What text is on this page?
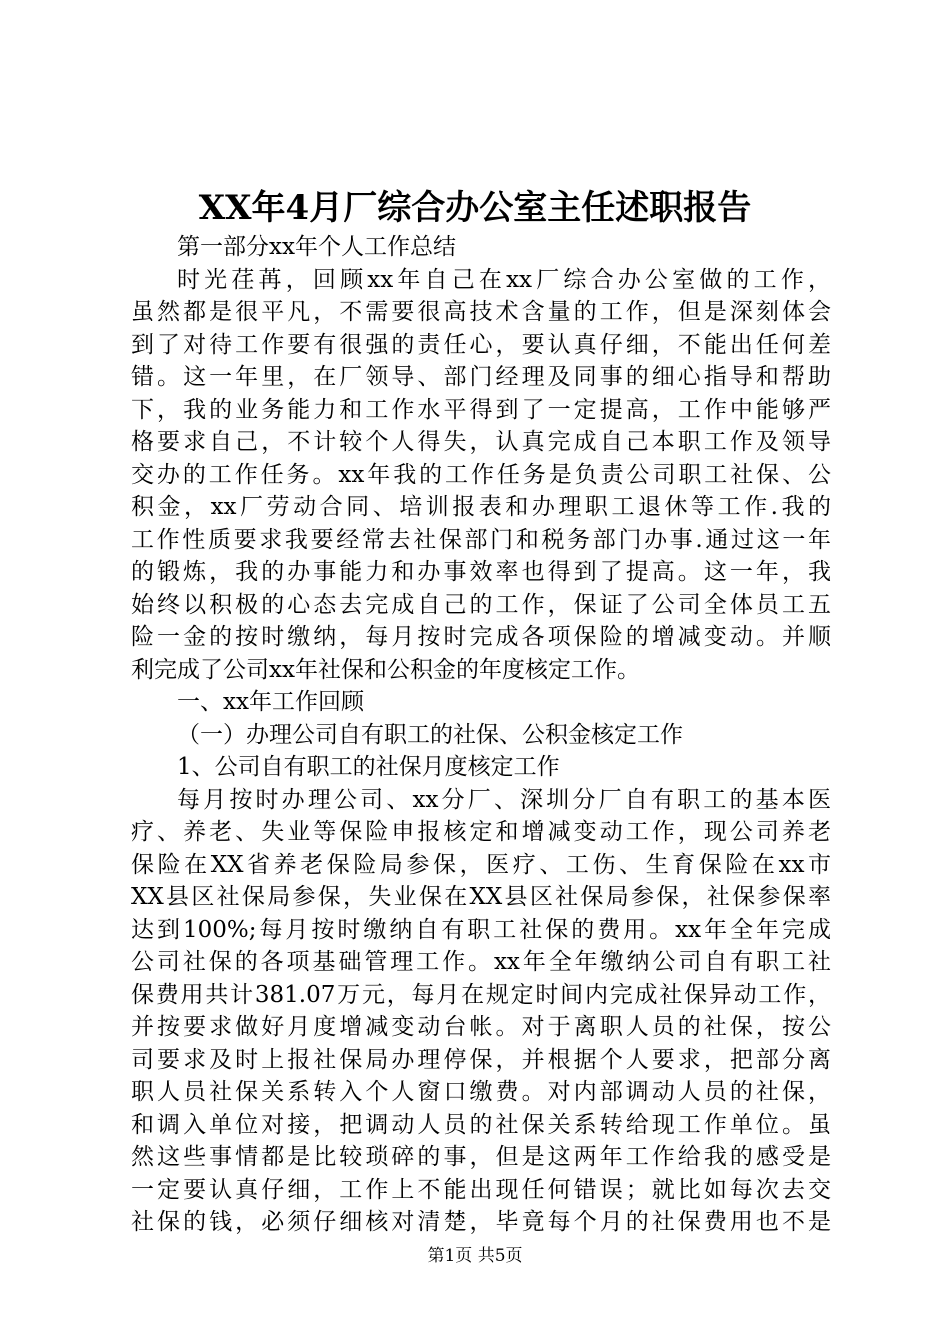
XX年4月厂综合办公室主任述职报告
第一部分xx年个人工作总结
时光荏苒，回顾xx年自己在xx厂综合办公室做的工作，
虽然都是很平凡，不需要很高技术含量的工作，但是深刻体会
到了对待工作要有很强的责任心，要认真仔细，不能出任何差
错。这一年里，在厂领导、部门经理及同事的细心指导和帮助
下，我的业务能力和工作水平得到了一定提高，工作中能够严
格要求自己，不计较个人得失，认真完成自己本职工作及领导
交办的工作任务。xx年我的工作任务是负责公司职工社保、公
积金，xx厂劳动合同、培训报表和办理职工退休等工作.我的
工作性质要求我要经常去社保部门和税务部门办事.通过这一年
的锻炼，我的办事能力和办事效率也得到了提高。这一年，我
始终以积极的心态去完成自己的工作，保证了公司全体员工五
险一金的按时缴纳，每月按时完成各项保险的增减变动。并顺
利完成了公司xx年社保和公积金的年度核定工作。
一、xx年工作回顾
（一）办理公司自有职工的社保、公积金核定工作
1、公司自有职工的社保月度核定工作
每月按时办理公司、xx分厂、深圳分厂自有职工的基本医
疗、养老、失业等保险申报核定和增减变动工作，现公司养老
保险在XX省养老保险局参保，医疗、工伤、生育保险在xx市
XX县区社保局参保，失业保在XX县区社保局参保，社保参保率
达到100%;每月按时缴纳自有职工社保的费用。xx年全年完成
公司社保的各项基础管理工作。xx年全年缴纳公司自有职工社
保费用共计381.07万元，每月在规定时间内完成社保异动工作，
并按要求做好月度增减变动台帐。对于离职人员的社保，按公
司要求及时上报社保局办理停保，并根据个人要求，把部分离
职人员社保关系转入个人窗口缴费。对内部调动人员的社保，
和调入单位对接，把调动人员的社保关系转给现工作单位。虽
然这些事情都是比较琐碎的事，但是这两年工作给我的感受是
一定要认真仔细，工作上不能出现任何错误；就比如每次去交
社保的钱，必须仔细核对清楚，毕竟每个月的社保费用也不是
第1页 共5页
